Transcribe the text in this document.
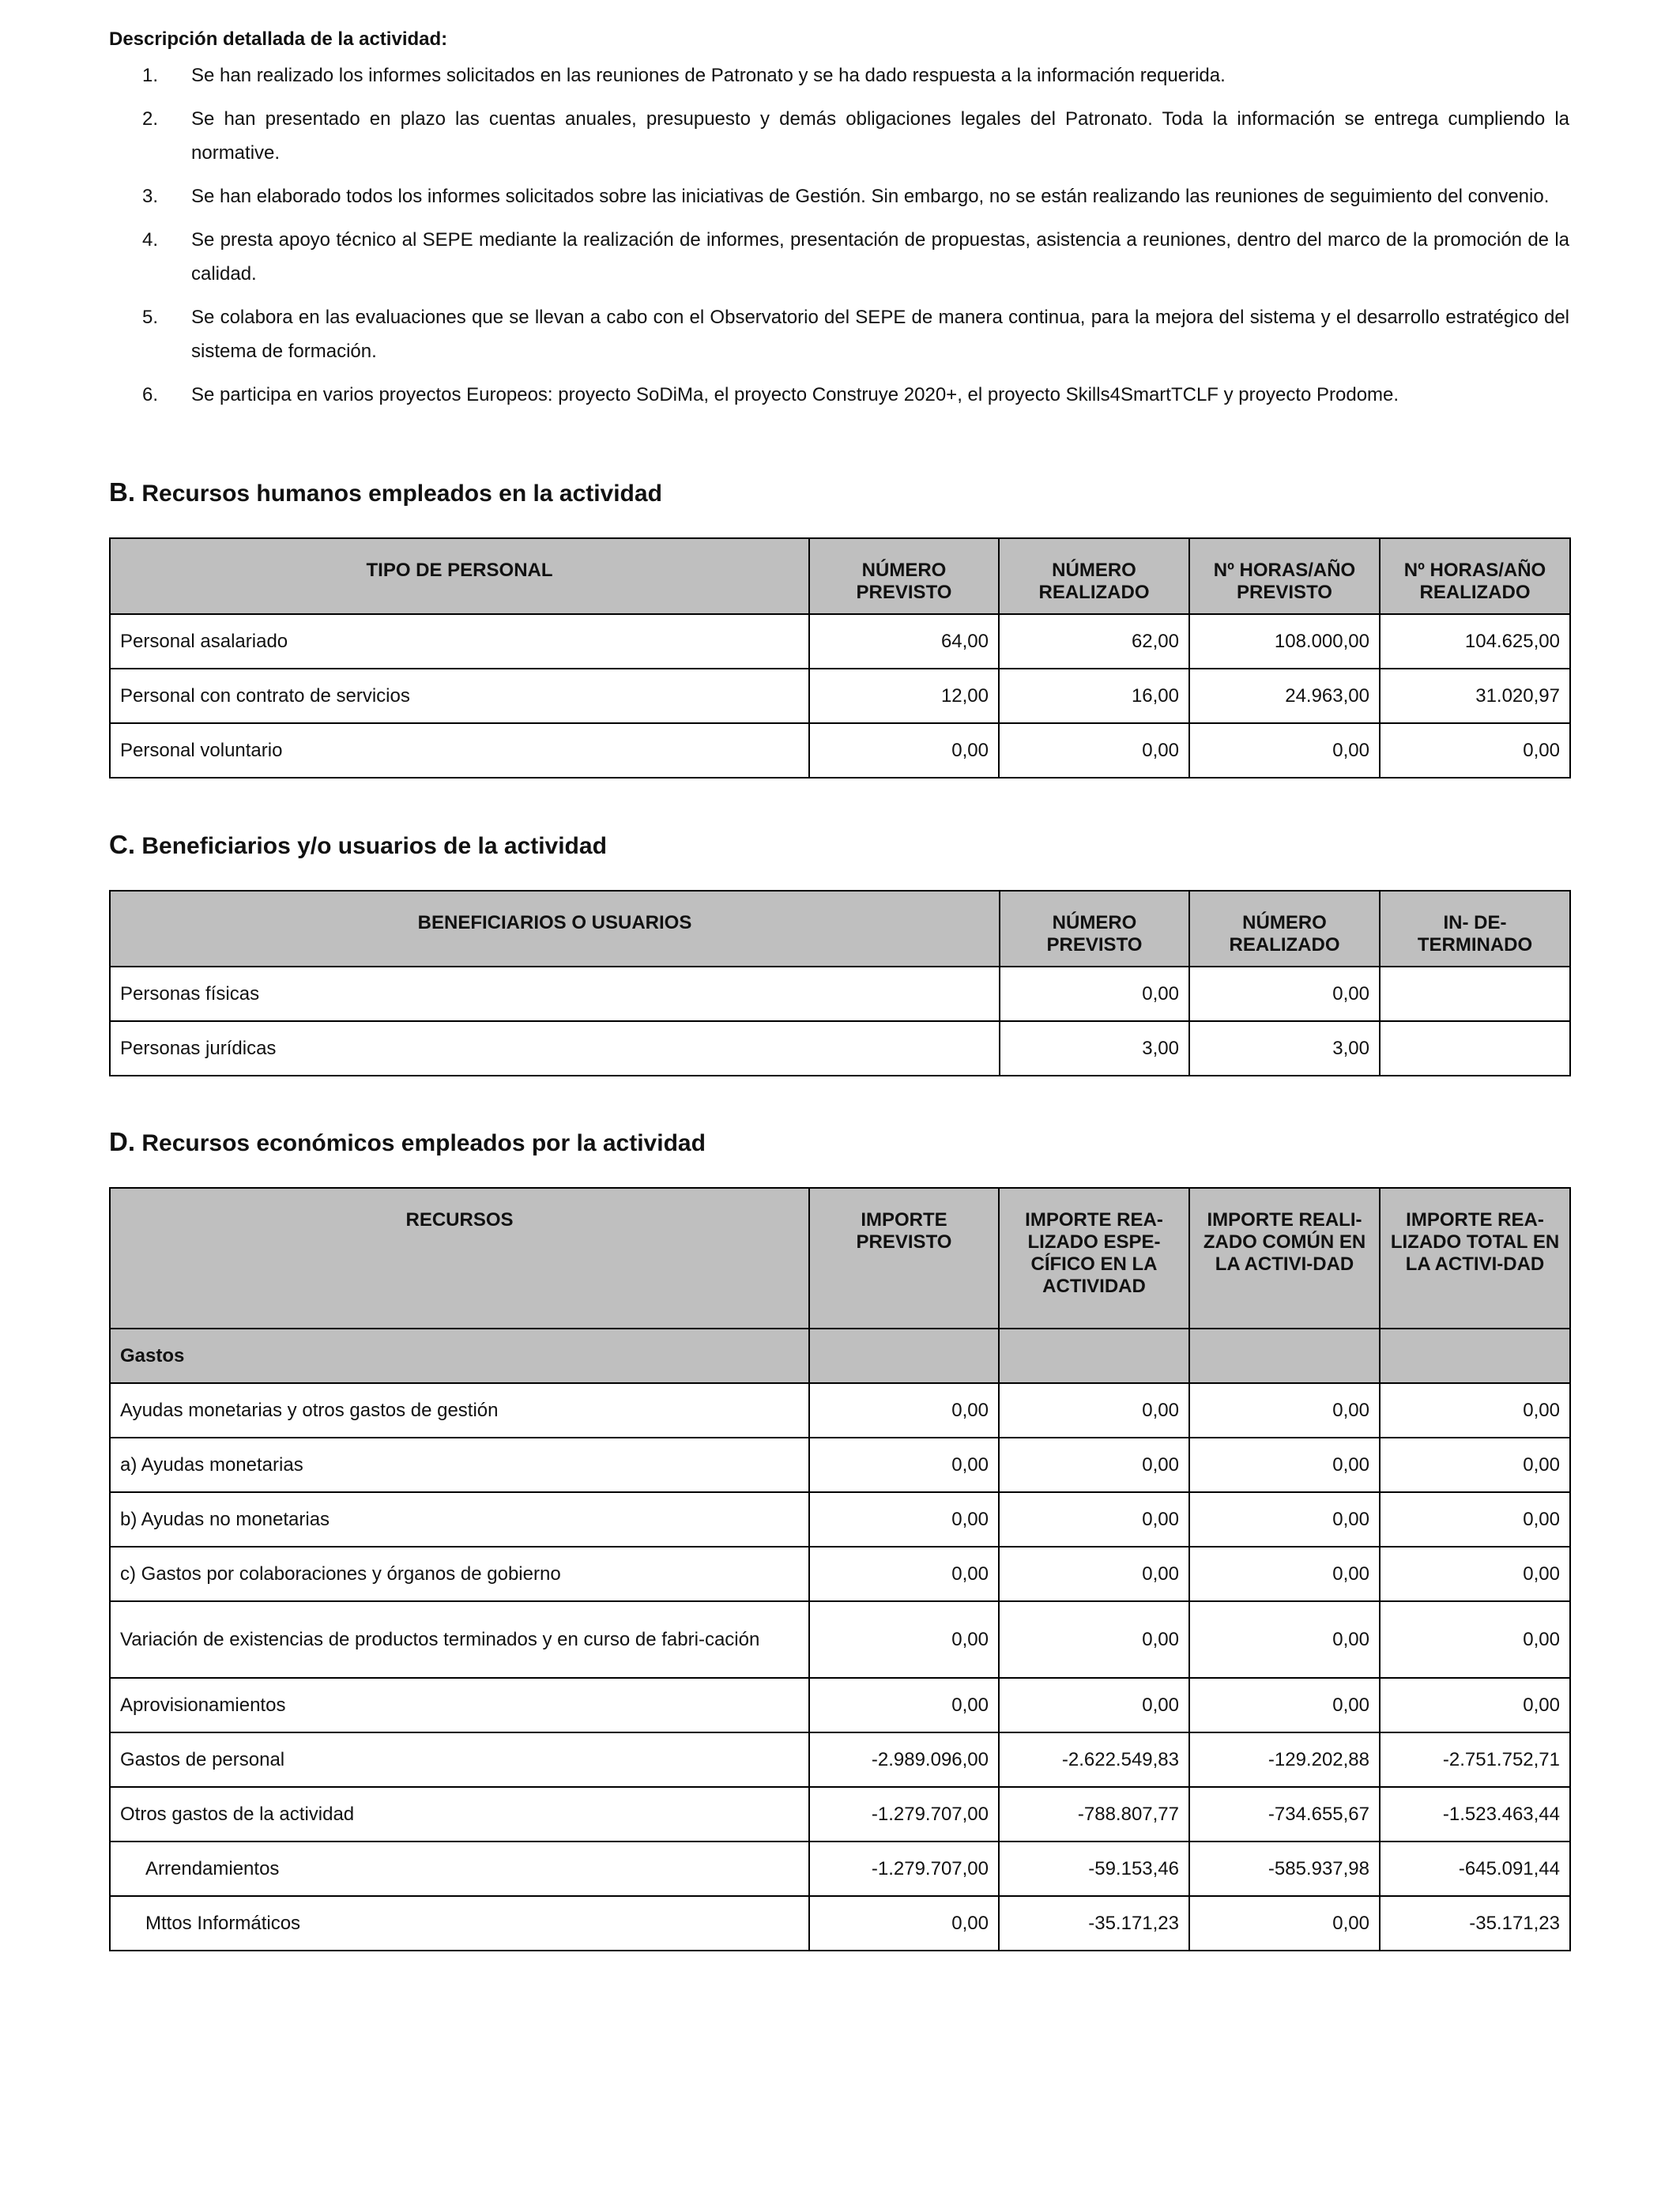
Descripción detallada de la actividad:

1. Se han realizado los informes solicitados en las reuniones de Patronato y se ha dado respuesta a la información requerida.
2. Se han presentado en plazo las cuentas anuales, presupuesto y demás obligaciones legales del Patronato. Toda la información se entrega cumpliendo la normative.
3. Se han elaborado todos los informes solicitados sobre las iniciativas de Gestión. Sin embargo, no se están realizando las reuniones de seguimiento del convenio.
4. Se presta apoyo técnico al SEPE mediante la realización de informes, presentación de propuestas, asistencia a reuniones, dentro del marco de la promoción de la calidad.
5. Se colabora en las evaluaciones que se llevan a cabo con el Observatorio del SEPE de manera continua, para la mejora del sistema y el desarrollo estratégico del sistema de formación.
6. Se participa en varios proyectos Europeos: proyecto SoDiMa, el proyecto Construye 2020+, el proyecto Skills4SmartTCLF y proyecto Prodome.
B. Recursos humanos empleados en la actividad
TIPO DE PERSONAL	NÚMERO PREVISTO	NÚMERO REALIZADO	Nº HORAS/AÑO PREVISTO	Nº HORAS/AÑO REALIZADO
Personal asalariado	64,00	62,00	108.000,00	104.625,00
Personal con contrato de servicios	12,00	16,00	24.963,00	31.020,97
Personal voluntario	0,00	0,00	0,00	0,00
C. Beneficiarios y/o usuarios de la actividad
BENEFICIARIOS O USUARIOS	NÚMERO PREVISTO	NÚMERO REALIZADO	IN- DE-TERMINADO
Personas físicas	0,00	0,00	
Personas jurídicas	3,00	3,00	
D. Recursos económicos empleados por la actividad
RECURSOS	IMPORTE PREVISTO	IMPORTE REA-LIZADO ESPE-CÍFICO EN LA ACTIVIDAD	IMPORTE REALI-ZADO COMÚN EN LA ACTIVI-DAD	IMPORTE REA-LIZADO TOTAL EN LA ACTIVI-DAD
Gastos				
Ayudas monetarias y otros gastos de gestión	0,00	0,00	0,00	0,00
a) Ayudas monetarias	0,00	0,00	0,00	0,00
b) Ayudas no monetarias	0,00	0,00	0,00	0,00
c) Gastos por colaboraciones y órganos de gobierno	0,00	0,00	0,00	0,00
Variación de existencias de productos terminados y en curso de fabri-cación	0,00	0,00	0,00	0,00
Aprovisionamientos	0,00	0,00	0,00	0,00
Gastos de personal	-2.989.096,00	-2.622.549,83	-129.202,88	-2.751.752,71
Otros gastos de la actividad	-1.279.707,00	-788.807,77	-734.655,67	-1.523.463,44
Arrendamientos	-1.279.707,00	-59.153,46	-585.937,98	-645.091,44
Mttos Informáticos	0,00	-35.171,23	0,00	-35.171,23
